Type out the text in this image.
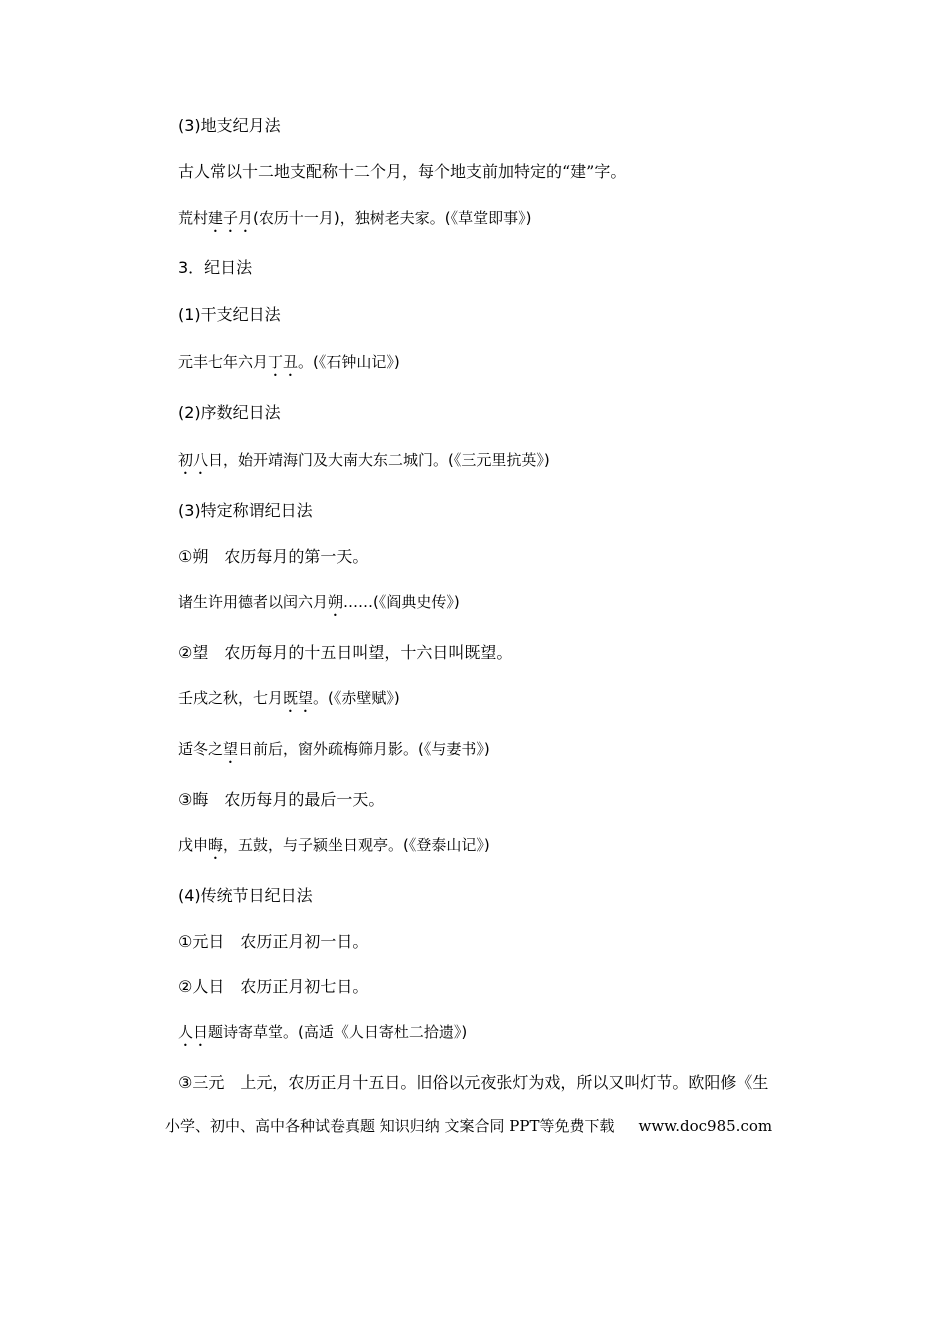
(3)地支纪月法
古人常以十二地支配称十二个月，每个地支前加特定的“建”字。
荒村建子月(农历十一月)，独树老夫家。(《草堂即事》)
3．纪日法
(1)干支纪日法
元丰七年六月丁丑。(《石钟山记》)
(2)序数纪日法
初八日，始开靖海门及大南大东二城门。(《三元里抗英》)
(3)特定称谓纪日法
①朔 农历每月的第一天。
诸生许用德者以闰六月朔……(《阎典史传》)
②望 农历每月的十五日叫望，十六日叫既望。
壬戌之秋，七月既望。(《赤壁赋》)
适冬之望日前后，窗外疏梅筛月影。(《与妻书》)
③晦 农历每月的最后一天。
戊申晦，五鼓，与子颍坐日观亭。(《登泰山记》)
(4)传统节日纪日法
①元日 农历正月初一日。
②人日 农历正月初七日。
人日题诗寄草堂。(高适《人日寄杜二拾遗》)
③三元 上元，农历正月十五日。旧俗以元夜张灯为戏，所以又叫灯节。欧阳修《生
小学、初中、高中各种试卷真题 知识归纳 文案合同 PPT等免费下载 www.doc985.com
